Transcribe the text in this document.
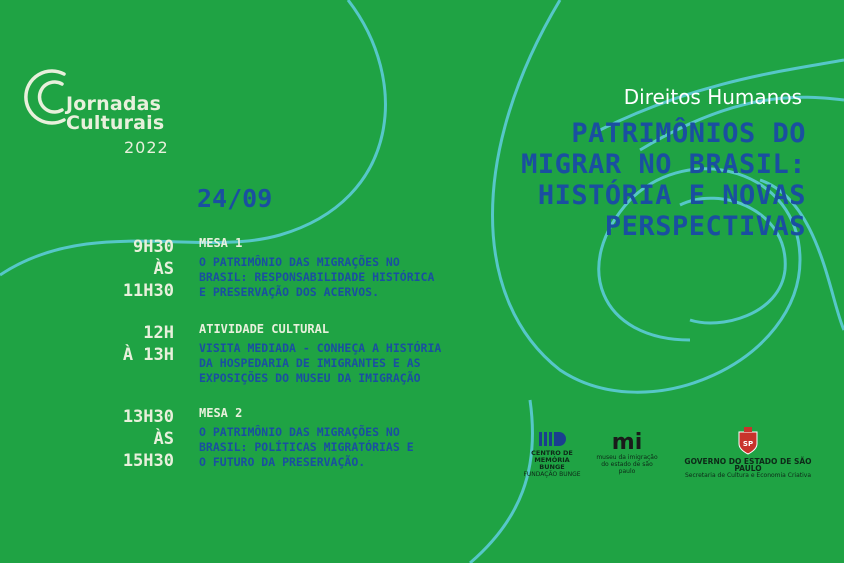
Jornadas
Culturais
2022
Direitos Humanos
PATRIMÔNIOS DO
MIGRAR NO BRASIL:
HISTÓRIA E NOVAS
PERSPECTIVAS
24/09
9H30
ÀS
11H30
MESA 1
O PATRIMÔNIO DAS MIGRAÇÕES NO
BRASIL: RESPONSABILIDADE HISTÓRICA
E PRESERVAÇÃO DOS ACERVOS.
12H
À 13H
ATIVIDADE CULTURAL
VISITA MEDIADA - CONHEÇA A HISTÓRIA
DA HOSPEDARIA DE IMIGRANTES E AS
EXPOSIÇÕES DO MUSEU DA IMIGRAÇÃO
13H30
ÀS
15H30
MESA 2
O PATRIMÔNIO DAS MIGRAÇÕES NO
BRASIL: POLÍTICAS MIGRATÓRIAS E
O FUTURO DA PRESERVAÇÃO.
CENTRO DE
MEMÓRIA BUNGE
FUNDAÇÃO BUNGE
mi
museu da imigração
do estado de são paulo
SP
GOVERNO DO ESTADO DE SÃO PAULO
Secretaria de Cultura e Economia Criativa
